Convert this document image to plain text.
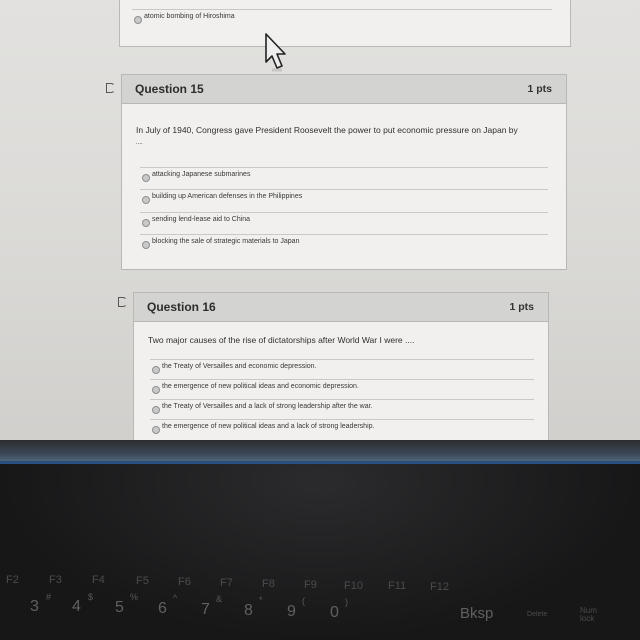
atomic bombing of Hiroshima
Question 15	1 pts
In July of 1940, Congress gave President Roosevelt the power to put economic pressure on Japan by
....
attacking Japanese submarines
building up American defenses in the Philippines
sending lend-lease aid to China
blocking the sale of strategic materials to Japan
Question 16	1 pts
Two major causes of the rise of dictatorships after World War I were ....
the Treaty of Versailles and economic depression.
the emergence of new political ideas and economic depression.
the Treaty of Versailles and a lack of strong leadership after the war.
the emergence of new political ideas and a lack of strong leadership.
F2	F3	F4	F5	F6	F7	F8	F9 F10 F11 F12
#
3
$
4
%
5
^
6
&
7
*
8
(
9
)
0	Bksp	Delete	Num lock
